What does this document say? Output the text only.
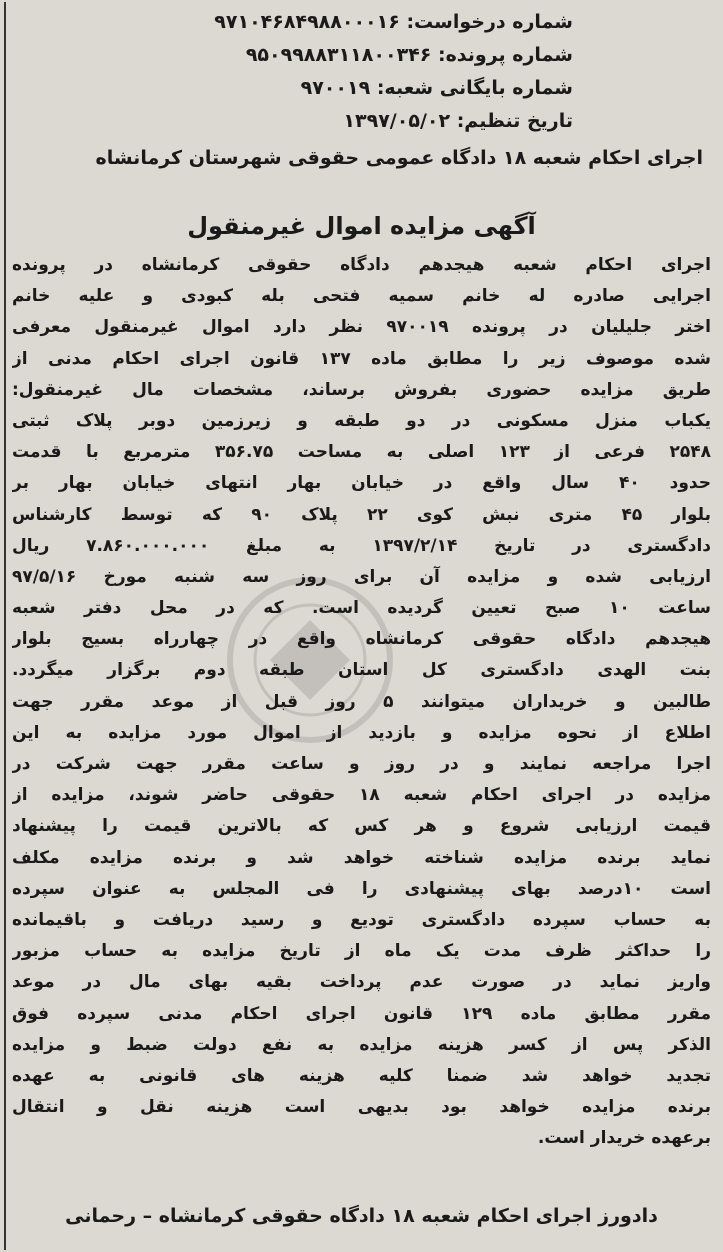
شماره درخواست: ۹۷۱۰۴۶۸۴۹۸۸۰۰۰۱۶
شماره پرونده: ۹۵۰۹۹۸۸۳۱۱۸۰۰۳۴۶
شماره بایگانی شعبه: ۹۷۰۰۱۹
تاریخ تنظیم: ۱۳۹۷/۰۵/۰۲
اجرای احکام شعبه ۱۸ دادگاه عمومی حقوقی شهرستان کرمانشاه
آگهی مزایده اموال غیرمنقول
اجرای احکام شعبه هیجدهم دادگاه حقوقی کرمانشاه در پرونده
اجرایی صادره له خانم سمیه فتحی بله کبودی و علیه خانم
اختر جلیلیان در پرونده ۹۷۰۰۱۹ نظر دارد اموال غیرمنقول معرفی
شده موصوف زیر را مطابق ماده ۱۳۷ قانون اجرای احکام مدنی از
طریق مزایده حضوری بفروش برساند، مشخصات مال غیرمنقول:
یکباب منزل مسکونی در دو طبقه و زیرزمین دوبر پلاک ثبتی
۲۵۴۸ فرعی از ۱۲۳ اصلی به مساحت ۳۵۶.۷۵ مترمربع با قدمت
حدود ۴۰ سال واقع در خیابان بهار انتهای خیابان بهار بر
بلوار ۴۵ متری نبش کوی ۲۲ پلاک ۹۰ که توسط کارشناس
دادگستری در تاریخ ۱۳۹۷/۲/۱۴ به مبلغ ۷.۸۶۰.۰۰۰.۰۰۰ ریال
ارزیابی شده و مزایده آن برای روز سه شنبه مورخ ۹۷/۵/۱۶
ساعت ۱۰ صبح تعیین گردیده است. که در محل دفتر شعبه
هیجدهم دادگاه حقوقی کرمانشاه واقع در چهارراه بسیج بلوار
بنت الهدی دادگستری کل استان طبقه دوم برگزار میگردد.
طالبین و خریداران میتوانند ۵ روز قبل از موعد مقرر جهت
اطلاع از نحوه مزایده و بازدید از اموال مورد مزایده به این
اجرا مراجعه نمایند و در روز و ساعت مقرر جهت شرکت در
مزایده در اجرای احکام شعبه ۱۸ حقوقی حاضر شوند، مزایده از
قیمت ارزیابی شروع و هر کس که بالاترین قیمت را پیشنهاد
نماید برنده مزایده شناخته خواهد شد و برنده مزایده مکلف
است ۱۰درصد بهای پیشنهادی را فی المجلس به عنوان سپرده
به حساب سپرده دادگستری تودیع و رسید دریافت و باقیمانده
را حداکثر ظرف مدت یک ماه از تاریخ مزایده به حساب مزبور
واریز نماید در صورت عدم پرداخت بقیه بهای مال در موعد
مقرر مطابق ماده ۱۲۹ قانون اجرای احکام مدنی سپرده فوق
الذکر پس از کسر هزینه مزایده به نفع دولت ضبط و مزایده
تجدید خواهد شد ضمنا کلیه هزینه های قانونی به عهده
برنده مزایده خواهد بود بدیهی است هزینه نقل و انتقال
برعهده خریدار است.
دادورز اجرای احکام شعبه ۱۸ دادگاه حقوقی کرمانشاه – رحمانی
